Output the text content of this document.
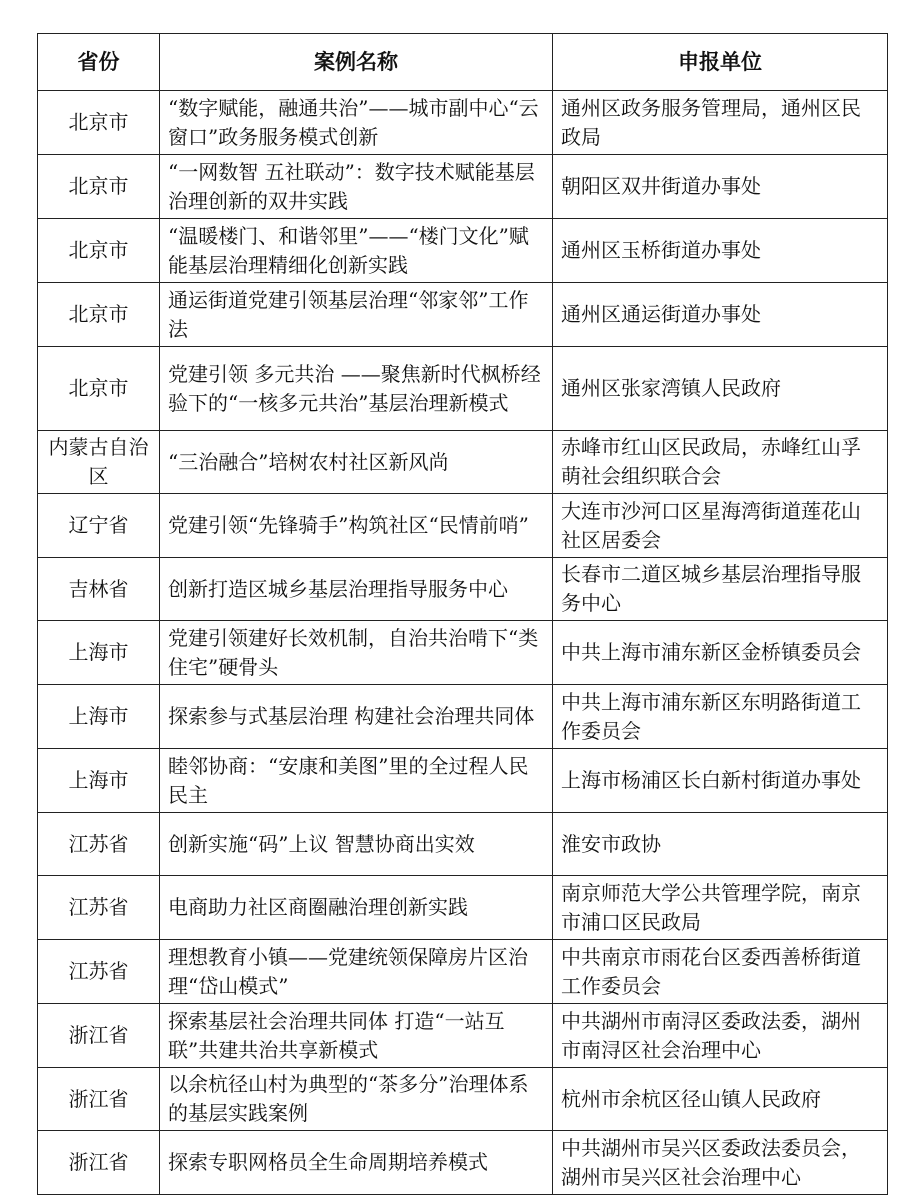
省份	案例名称	申报单位
北京市	“数字赋能，融通共治”——城市副中心“云窗口”政务服务模式创新	通州区政务服务管理局，通州区民政局
北京市	“一网数智 五社联动”：数字技术赋能基层治理创新的双井实践	朝阳区双井街道办事处
北京市	“温暖楼门、和谐邻里”——“楼门文化”赋能基层治理精细化创新实践	通州区玉桥街道办事处
北京市	通运街道党建引领基层治理“邻家邻”工作法	通州区通运街道办事处
北京市	党建引领 多元共治 ——聚焦新时代枫桥经验下的“一核多元共治”基层治理新模式	通州区张家湾镇人民政府
内蒙古自治区	“三治融合”培树农村社区新风尚	赤峰市红山区民政局，赤峰红山孚萌社会组织联合会
辽宁省	党建引领“先锋骑手”构筑社区“民情前哨”	大连市沙河口区星海湾街道莲花山社区居委会
吉林省	创新打造区城乡基层治理指导服务中心	长春市二道区城乡基层治理指导服务中心
上海市	党建引领建好长效机制，自治共治啃下“类住宅”硬骨头	中共上海市浦东新区金桥镇委员会
上海市	探索参与式基层治理 构建社会治理共同体	中共上海市浦东新区东明路街道工作委员会
上海市	睦邻协商：“安康和美图”里的全过程人民民主	上海市杨浦区长白新村街道办事处
江苏省	创新实施“码”上议 智慧协商出实效	淮安市政协
江苏省	电商助力社区商圈融治理创新实践	南京师范大学公共管理学院，南京市浦口区民政局
江苏省	理想教育小镇——党建统领保障房片区治理“岱山模式”	中共南京市雨花台区委西善桥街道工作委员会
浙江省	探索基层社会治理共同体 打造“一站互联”共建共治共享新模式	中共湖州市南浔区委政法委，湖州市南浔区社会治理中心
浙江省	以余杭径山村为典型的“茶多分”治理体系的基层实践案例	杭州市余杭区径山镇人民政府
浙江省	探索专职网格员全生命周期培养模式	中共湖州市吴兴区委政法委员会，湖州市吴兴区社会治理中心
